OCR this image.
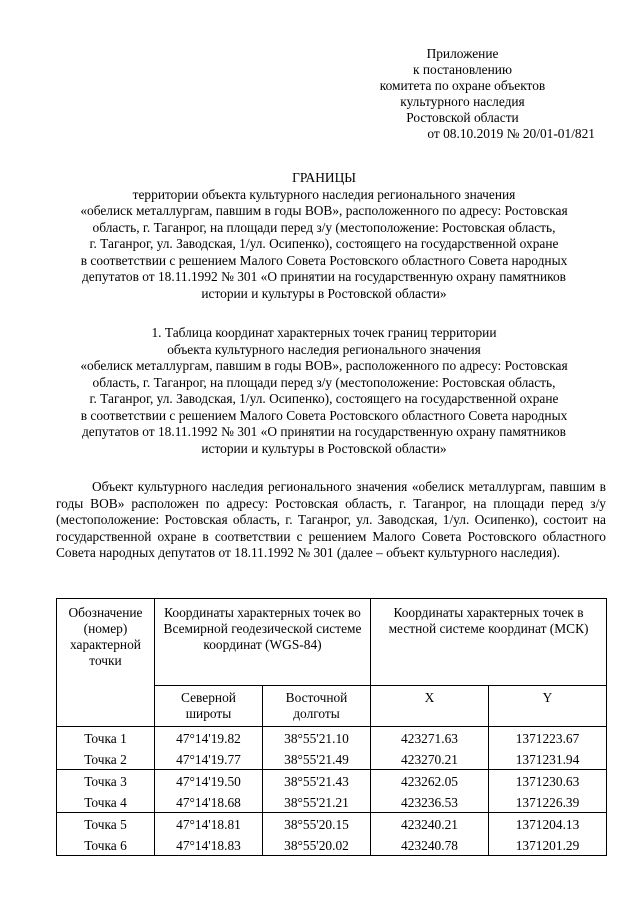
Приложение
к постановлению
комитета по охране объектов
культурного наследия
Ростовской области
от 08.10.2019 № 20/01-01/821
ГРАНИЦЫ
территории объекта культурного наследия регионального значения
«обелиск металлургам, павшим в годы ВОВ», расположенного по адресу: Ростовская
область, г. Таганрог, на площади перед з/у (местоположение: Ростовская область,
г. Таганрог, ул. Заводская, 1/ул. Осипенко), состоящего на государственной охране
в соответствии с решением Малого Совета Ростовского областного Совета народных
депутатов от 18.11.1992 № 301 «О принятии на государственную охрану памятников
истории и культуры в Ростовской области»
1. Таблица координат характерных точек границ территории
объекта культурного наследия регионального значения
«обелиск металлургам, павшим в годы ВОВ», расположенного по адресу: Ростовская
область, г. Таганрог, на площади перед з/у (местоположение: Ростовская область,
г. Таганрог, ул. Заводская, 1/ул. Осипенко), состоящего на государственной охране
в соответствии с решением Малого Совета Ростовского областного Совета народных
депутатов от 18.11.1992 № 301 «О принятии на государственную охрану памятников
истории и культуры в Ростовской области»
Объект культурного наследия регионального значения «обелиск металлургам, павшим в годы ВОВ» расположен по адресу: Ростовская область, г. Таганрог, на площади перед з/у (местоположение: Ростовская область, г. Таганрог, ул. Заводская, 1/ул. Осипенко), состоит на государственной охране в соответствии с решением Малого Совета Ростовского областного Совета народных депутатов от 18.11.1992 № 301 (далее – объект культурного наследия).
Обозначение (номер) характерной точки	Координаты характерных точек во Всемирной геодезической системе координат (WGS-84)		Координаты характерных точек в местной системе координат (МСК)	
	Северной широты	Восточной долготы	X	Y
Точка 1	47°14'19.82	38°55'21.10	423271.63	1371223.67
Точка 2	47°14'19.77	38°55'21.49	423270.21	1371231.94
Точка 3	47°14'19.50	38°55'21.43	423262.05	1371230.63
Точка 4	47°14'18.68	38°55'21.21	423236.53	1371226.39
Точка 5	47°14'18.81	38°55'20.15	423240.21	1371204.13
Точка 6	47°14'18.83	38°55'20.02	423240.78	1371201.29
